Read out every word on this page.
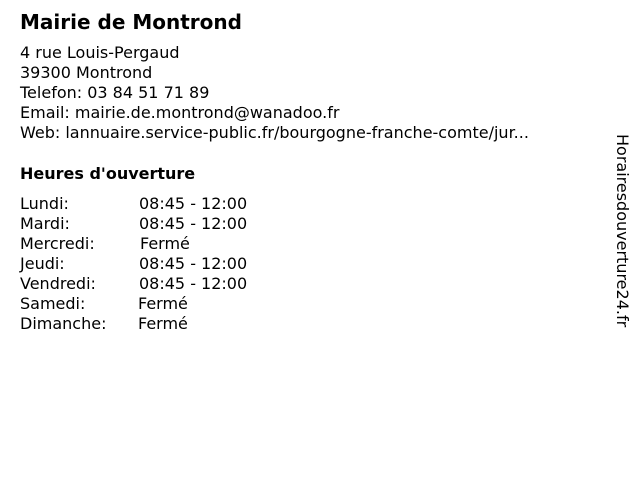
Mairie de Montrond
4 rue Louis-Pergaud
39300 Montrond
Telefon: 03 84 51 71 89
Email: mairie.de.montrond@wanadoo.fr
Web: lannuaire.service-public.fr/bourgogne-franche-comte/jur...
Heures d'ouverture
Lundi:	08:45 - 12:00
Mardi:	08:45 - 12:00
Mercredi:	Fermé
Jeudi:	08:45 - 12:00
Vendredi:	08:45 - 12:00
Samedi:	Fermé
Dimanche: Fermé	Horairesdouverture24.fr
